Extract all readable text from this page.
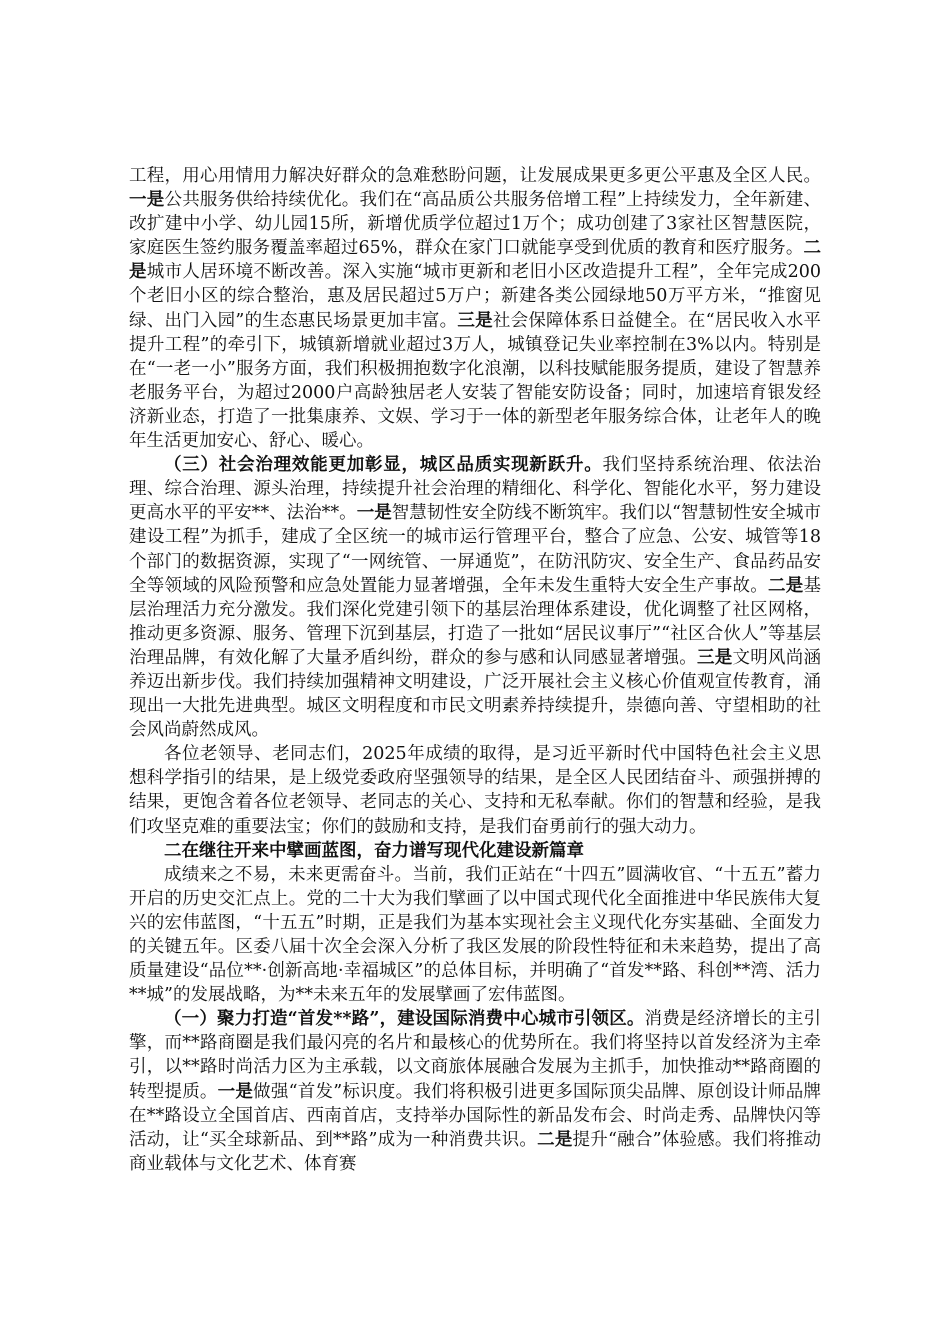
工程，用心用情用力解决好群众的急难愁盼问题，让发展成果更多更公平惠及全区人民。一是公共服务供给持续优化。我们在“高品质公共服务倍增工程”上持续发力，全年新建、改扩建中小学、幼儿园15所，新增优质学位超过1万个；成功创建了3家社区智慧医院，家庭医生签约服务覆盖率超过65%，群众在家门口就能享受到优质的教育和医疗服务。二是城市人居环境不断改善。深入实施“城市更新和老旧小区改造提升工程”，全年完成200个老旧小区的综合整治，惠及居民超过5万户；新建各类公园绿地50万平方米，“推窗见绿、出门入园”的生态惠民场景更加丰富。三是社会保障体系日益健全。在“居民收入水平提升工程”的牵引下，城镇新增就业超过3万人，城镇登记失业率控制在3%以内。特别是在“一老一小”服务方面，我们积极拥抱数字化浪潮，以科技赋能服务提质，建设了智慧养老服务平台，为超过2000户高龄独居老人安装了智能安防设备；同时，加速培育银发经济新业态，打造了一批集康养、文娱、学习于一体的新型老年服务综合体，让老年人的晚年生活更加安心、舒心、暖心。

（三）社会治理效能更加彰显，城区品质实现新跃升。我们坚持系统治理、依法治理、综合治理、源头治理，持续提升社会治理的精细化、科学化、智能化水平，努力建设更高水平的平安**、法治**。一是智慧韧性安全防线不断筑牢。我们以“智慧韧性安全城市建设工程”为抓手，建成了全区统一的城市运行管理平台，整合了应急、公安、城管等18个部门的数据资源，实现了“一网统管、一屏通览”，在防汛防灾、安全生产、食品药品安全等领域的风险预警和应急处置能力显著增强，全年未发生重特大安全生产事故。二是基层治理活力充分激发。我们深化党建引领下的基层治理体系建设，优化调整了社区网格，推动更多资源、服务、管理下沉到基层，打造了一批如“居民议事厅”“社区合伙人”等基层治理品牌，有效化解了大量矛盾纠纷，群众的参与感和认同感显著增强。三是文明风尚涵养迈出新步伐。我们持续加强精神文明建设，广泛开展社会主义核心价值观宣传教育，涌现出一大批先进典型。城区文明程度和市民文明素养持续提升，崇德向善、守望相助的社会风尚蔚然成风。

各位老领导、老同志们，2025年成绩的取得，是习近平新时代中国特色社会主义思想科学指引的结果，是上级党委政府坚强领导的结果，是全区人民团结奋斗、顽强拼搏的结果，更饱含着各位老领导、老同志的关心、支持和无私奉献。你们的智慧和经验，是我们攻坚克难的重要法宝；你们的鼓励和支持，是我们奋勇前行的强大动力。

二在继往开来中擘画蓝图，奋力谱写现代化建设新篇章

成绩来之不易，未来更需奋斗。当前，我们正站在“十四五”圆满收官、“十五五”蓄力开启的历史交汇点上。党的二十大为我们擘画了以中国式现代化全面推进中华民族伟大复兴的宏伟蓝图，“十五五”时期，正是我们为基本实现社会主义现代化夯实基础、全面发力的关键五年。区委八届十次全会深入分析了我区发展的阶段性特征和未来趋势，提出了高质量建设“品位**·创新高地·幸福城区”的总体目标，并明确了“首发**路、科创**湾、活力**城”的发展战略，为**未来五年的发展擘画了宏伟蓝图。

（一）聚力打造“首发**路”，建设国际消费中心城市引领区。消费是经济增长的主引擎，而**路商圈是我们最闪亮的名片和最核心的优势所在。我们将坚持以首发经济为主牵引，以**路时尚活力区为主承载，以文商旅体展融合发展为主抓手，加快推动**路商圈的转型提质。一是做强“首发”标识度。我们将积极引进更多国际顶尖品牌、原创设计师品牌在**路设立全国首店、西南首店，支持举办国际性的新品发布会、时尚走秀、品牌快闪等活动，让“买全球新品、到**路”成为一种消费共识。二是提升“融合”体验感。我们将推动商业载体与文化艺术、体育赛
